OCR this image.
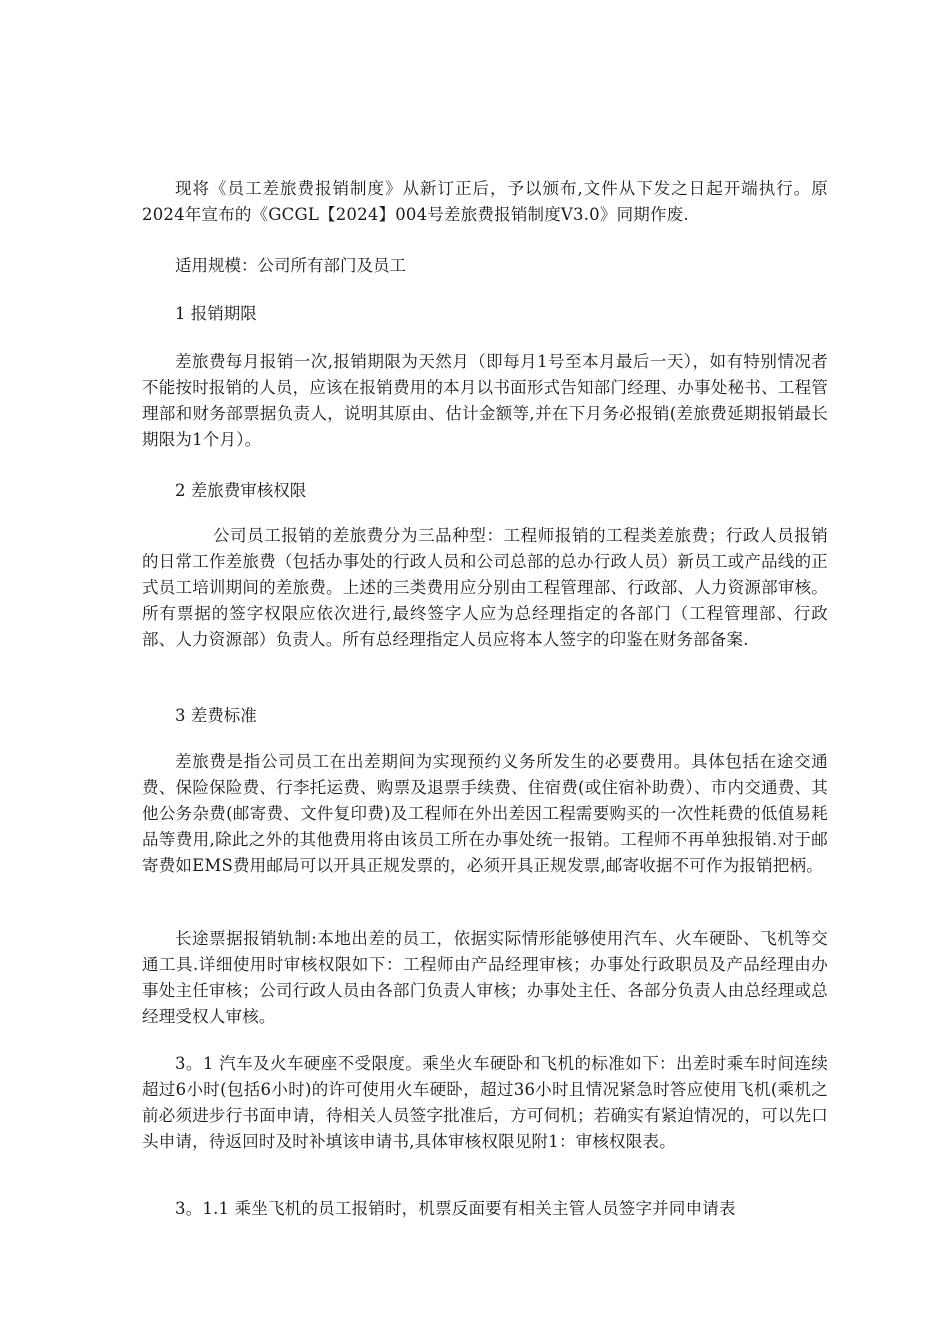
现将《员工差旅费报销制度》从新订正后，予以颁布,文件从下发之日起开端执行。原2024年宣布的《GCGL【2024】004号差旅费报销制度V3.0》同期作废.

适用规模：公司所有部门及员工

1 报销期限

差旅费每月报销一次,报销期限为天然月（即每月1号至本月最后一天），如有特别情况者不能按时报销的人员，应该在报销费用的本月以书面形式告知部门经理、办事处秘书、工程管理部和财务部票据负责人，说明其原由、估计金额等,并在下月务必报销(差旅费延期报销最长期限为1个月）。

2 差旅费审核权限

公司员工报销的差旅费分为三品种型：工程师报销的工程类差旅费；行政人员报销的日常工作差旅费（包括办事处的行政人员和公司总部的总办行政人员）新员工或产品线的正式员工培训期间的差旅费。上述的三类费用应分别由工程管理部、行政部、人力资源部审核。所有票据的签字权限应依次进行,最终签字人应为总经理指定的各部门（工程管理部、行政部、人力资源部）负责人。所有总经理指定人员应将本人签字的印鉴在财务部备案.

3 差费标准

差旅费是指公司员工在出差期间为实现预约义务所发生的必要费用。具体包括在途交通费、保险保险费、行李托运费、购票及退票手续费、住宿费(或住宿补助费）、市内交通费、其他公务杂费(邮寄费、文件复印费)及工程师在外出差因工程需要购买的一次性耗费的低值易耗品等费用,除此之外的其他费用将由该员工所在办事处统一报销。工程师不再单独报销.对于邮寄费如EMS费用邮局可以开具正规发票的，必须开具正规发票,邮寄收据不可作为报销把柄。

长途票据报销轨制:本地出差的员工，依据实际情形能够使用汽车、火车硬卧、飞机等交通工具.详细使用时审核权限如下：工程师由产品经理审核；办事处行政职员及产品经理由办事处主任审核；公司行政人员由各部门负责人审核；办事处主任、各部分负责人由总经理或总经理受权人审核。

3。1 汽车及火车硬座不受限度。乘坐火车硬卧和飞机的标准如下：出差时乘车时间连续超过6小时(包括6小时)的许可使用火车硬卧，超过36小时且情况紧急时答应使用飞机(乘机之前必须进步行书面申请，待相关人员签字批准后，方可伺机；若确实有紧迫情况的，可以先口头申请，待返回时及时补填该申请书,具体审核权限见附1：审核权限表。

3。1.1 乘坐飞机的员工报销时，机票反面要有相关主管人员签字并同申请表
